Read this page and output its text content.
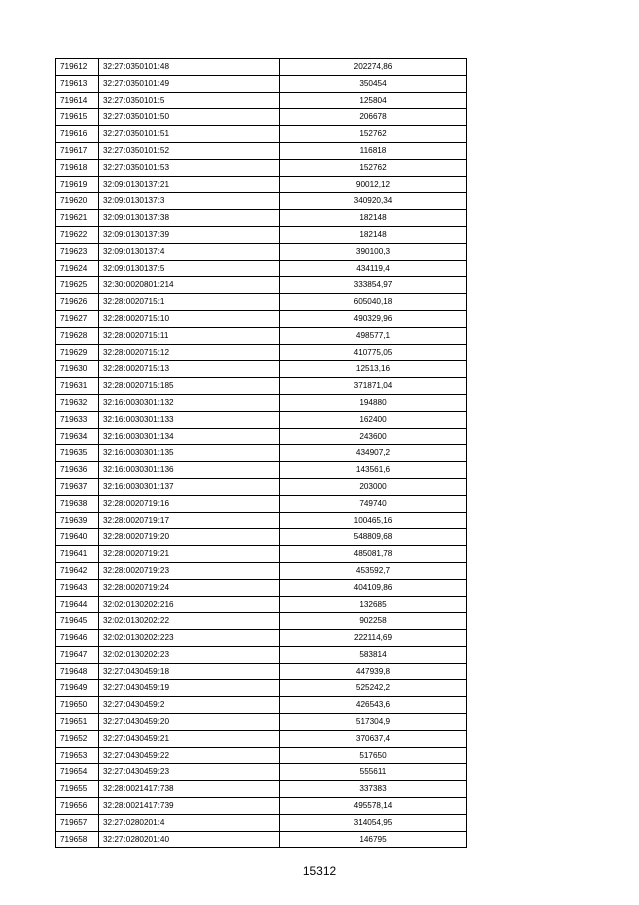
719612	32:27:0350101:48	202274,86
719613	32:27:0350101:49	350454
719614	32:27:0350101:5	125804
719615	32:27:0350101:50	206678
719616	32:27:0350101:51	152762
719617	32:27:0350101:52	116818
719618	32:27:0350101:53	152762
719619	32:09:0130137:21	90012,12
719620	32:09:0130137:3	340920,34
719621	32:09:0130137:38	182148
719622	32:09:0130137:39	182148
719623	32:09:0130137:4	390100,3
719624	32:09:0130137:5	434119,4
719625	32:30:0020801:214	333854,97
719626	32:28:0020715:1	605040,18
719627	32:28:0020715:10	490329,96
719628	32:28:0020715:11	498577,1
719629	32:28:0020715:12	410775,05
719630	32:28:0020715:13	12513,16
719631	32:28:0020715:185	371871,04
719632	32:16:0030301:132	194880
719633	32:16:0030301:133	162400
719634	32:16:0030301:134	243600
719635	32:16:0030301:135	434907,2
719636	32:16:0030301:136	143561,6
719637	32:16:0030301:137	203000
719638	32:28:0020719:16	749740
719639	32:28:0020719:17	100465,16
719640	32:28:0020719:20	548809,68
719641	32:28:0020719:21	485081,78
719642	32:28:0020719:23	453592,7
719643	32:28:0020719:24	404109,86
719644	32:02:0130202:216	132685
719645	32:02:0130202:22	902258
719646	32:02:0130202:223	222114,69
719647	32:02:0130202:23	583814
719648	32:27:0430459:18	447939,8
719649	32:27:0430459:19	525242,2
719650	32:27:0430459:2	426543,6
719651	32:27:0430459:20	517304,9
719652	32:27:0430459:21	370637,4
719653	32:27:0430459:22	517650
719654	32:27:0430459:23	555611
719655	32:28:0021417:738	337383
719656	32:28:0021417:739	495578,14
719657	32:27:0280201:4	314054,95
719658	32:27:0280201:40	146795
15312
